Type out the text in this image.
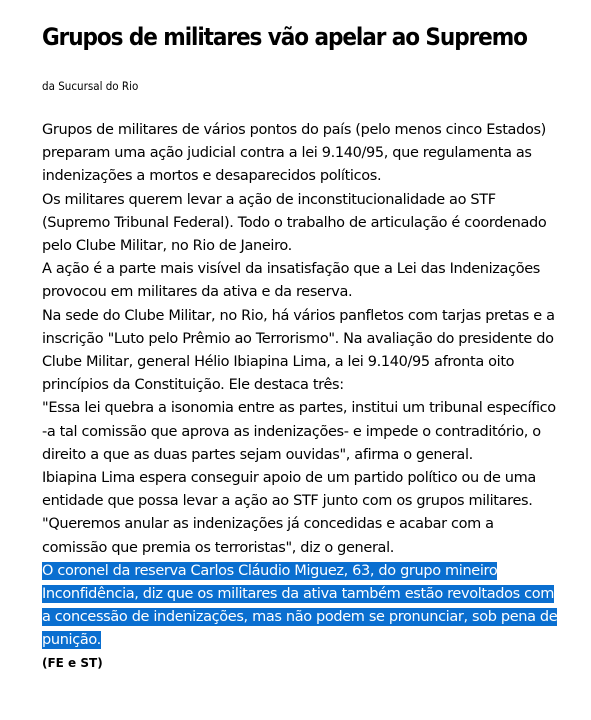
Grupos de militares vão apelar ao Supremo
da Sucursal do Rio

Grupos de militares de vários pontos do país (pelo menos cinco Estados) preparam uma ação judicial contra a lei 9.140/95, que regulamenta as indenizações a mortos e desaparecidos políticos.

Os militares querem levar a ação de inconstitucionalidade ao STF (Supremo Tribunal Federal). Todo o trabalho de articulação é coordenado pelo Clube Militar, no Rio de Janeiro.

A ação é a parte mais visível da insatisfação que a Lei das Indenizações provocou em militares da ativa e da reserva.

Na sede do Clube Militar, no Rio, há vários panfletos com tarjas pretas e a inscrição "Luto pelo Prêmio ao Terrorismo". Na avaliação do presidente do Clube Militar, general Hélio Ibiapina Lima, a lei 9.140/95 afronta oito princípios da Constituição. Ele destaca três:

"Essa lei quebra a isonomia entre as partes, institui um tribunal específico -a tal comissão que aprova as indenizações- e impede o contraditório, o direito a que as duas partes sejam ouvidas", afirma o general.

Ibiapina Lima espera conseguir apoio de um partido político ou de uma entidade que possa levar a ação ao STF junto com os grupos militares.

"Queremos anular as indenizações já concedidas e acabar com a comissão que premia os terroristas", diz o general.

O coronel da reserva Carlos Cláudio Miguez, 63, do grupo mineiro Inconfidência, diz que os militares da ativa também estão revoltados com a concessão de indenizações, mas não podem se pronunciar, sob pena de punição.

(FE e ST)
